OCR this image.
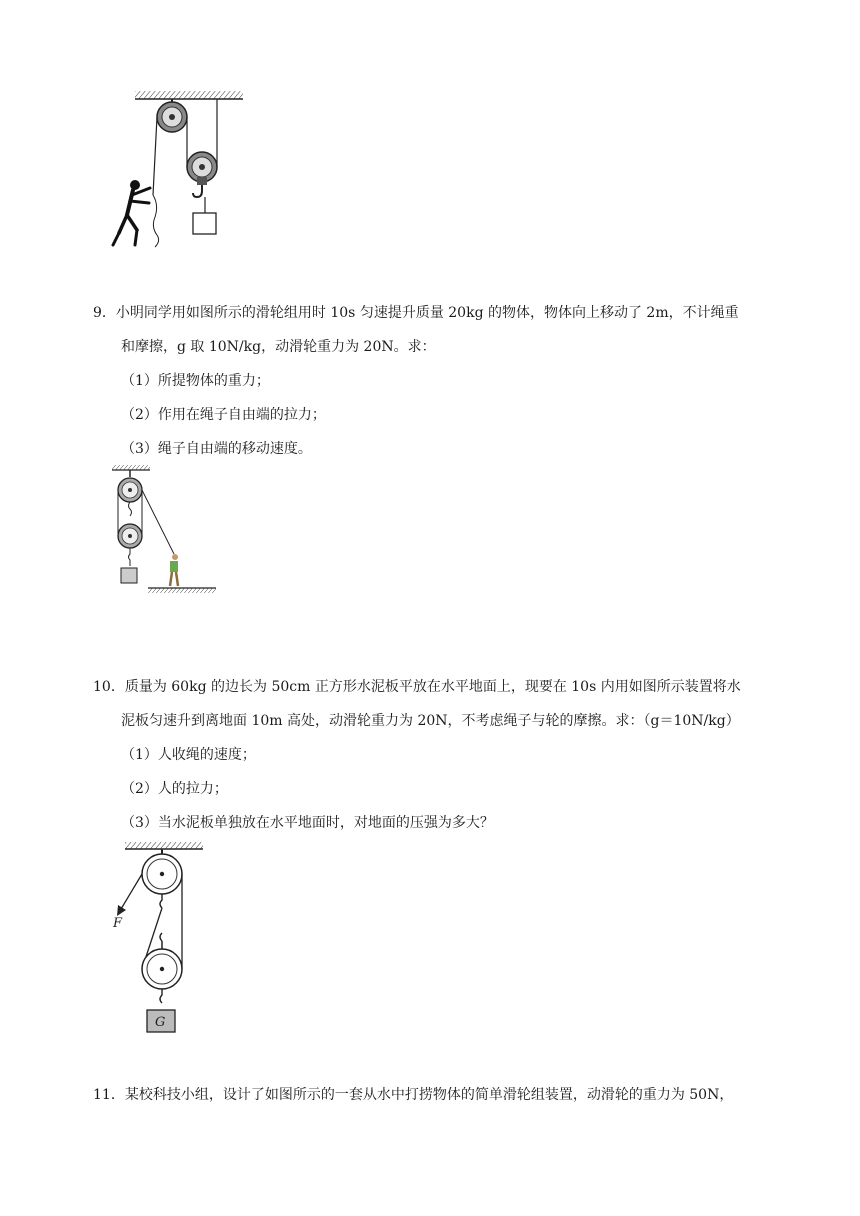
9．小明同学用如图所示的滑轮组用时 10s 匀速提升质量 20kg 的物体，物体向上移动了 2m，不计绳重
和摩擦，g 取 10N/kg，动滑轮重力为 20N。求：
（1）所提物体的重力；
（2）作用在绳子自由端的拉力；
（3）绳子自由端的移动速度。
10．质量为 60kg 的边长为 50cm 正方形水泥板平放在水平地面上，现要在 10s 内用如图所示装置将水
泥板匀速升到离地面 10m 高处，动滑轮重力为 20N，不考虑绳子与轮的摩擦。求：（g＝10N/kg）
（1）人收绳的速度；
（2）人的拉力；
（3）当水泥板单独放在水平地面时，对地面的压强为多大？
F
G
11．某校科技小组，设计了如图所示的一套从水中打捞物体的简单滑轮组装置，动滑轮的重力为 50N，
